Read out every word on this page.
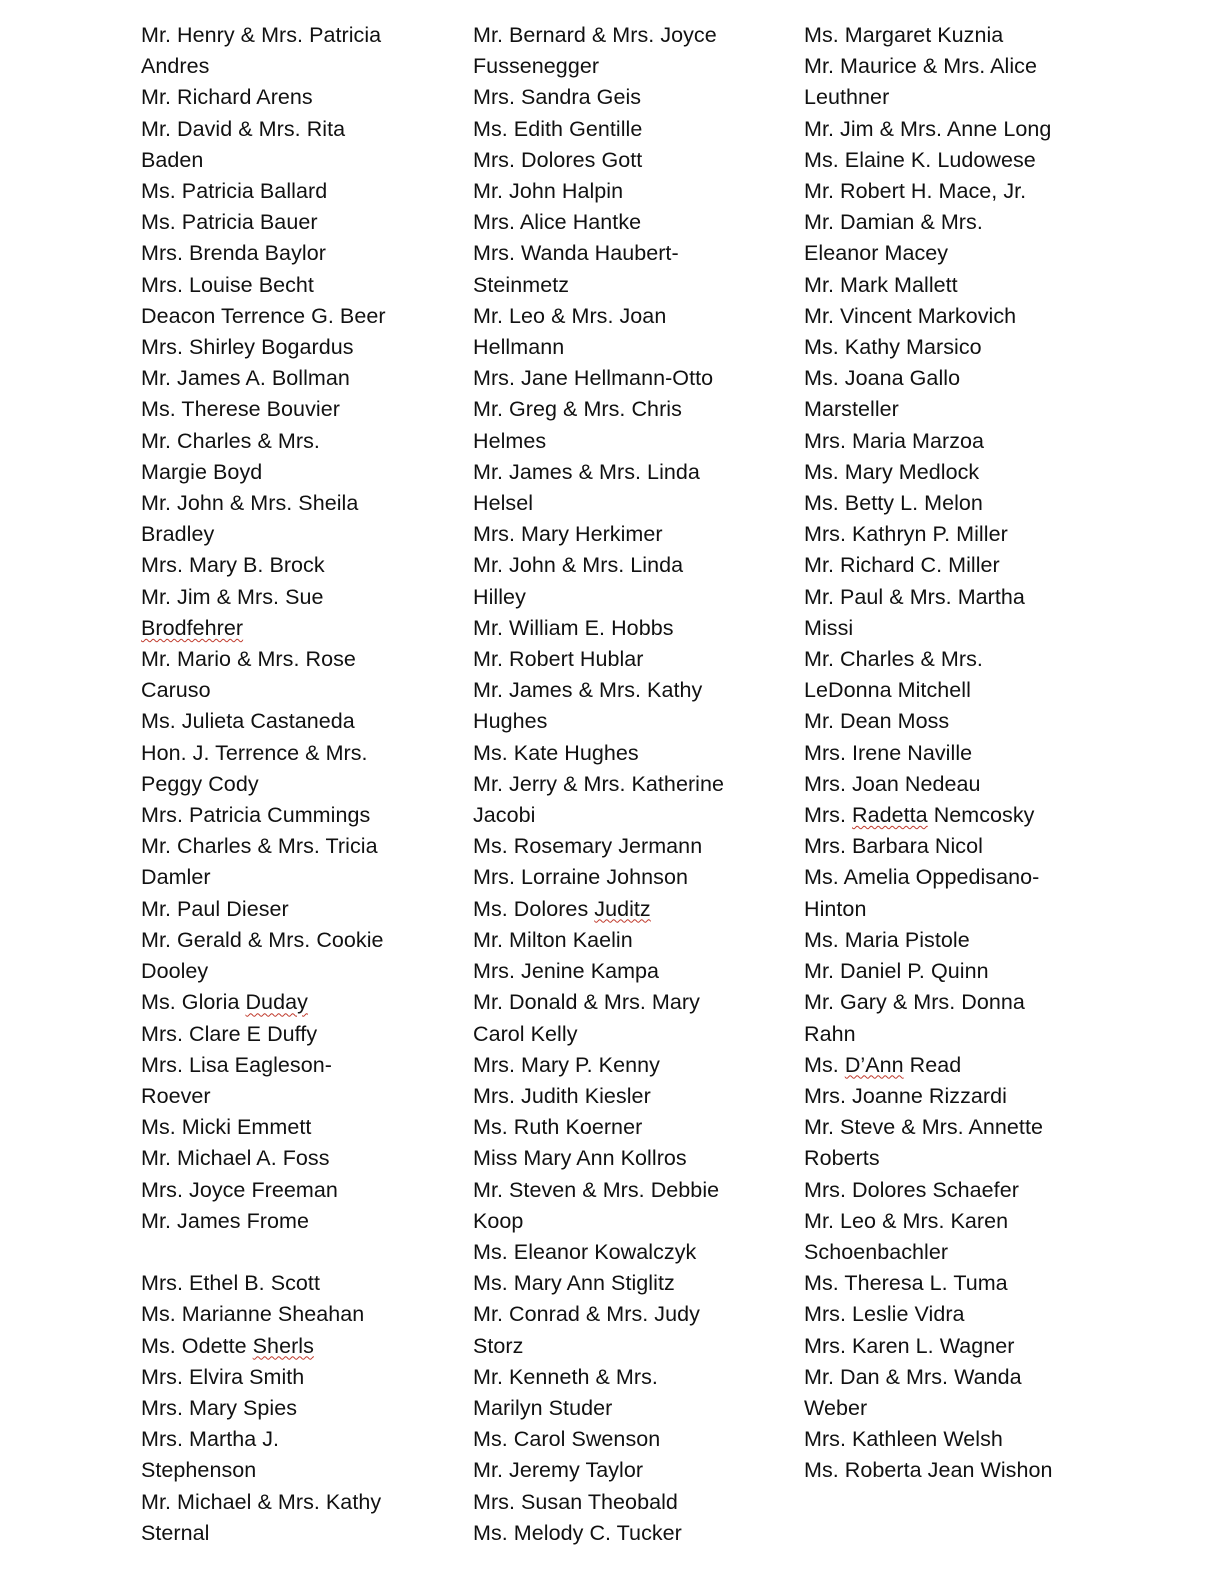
Mr. Henry & Mrs. Patricia
Andres
Mr. Richard Arens
Mr. David & Mrs. Rita
Baden
Ms. Patricia Ballard
Ms. Patricia Bauer
Mrs. Brenda Baylor
Mrs. Louise Becht
Deacon Terrence G. Beer
Mrs. Shirley Bogardus
Mr. James A. Bollman
Ms. Therese Bouvier
Mr. Charles & Mrs.
Margie Boyd
Mr. John & Mrs. Sheila
Bradley
Mrs. Mary B. Brock
Mr. Jim & Mrs. Sue
Brodfehrer
Mr. Mario & Mrs. Rose
Caruso
Ms. Julieta Castaneda
Hon. J. Terrence & Mrs.
Peggy Cody
Mrs. Patricia Cummings
Mr. Charles & Mrs. Tricia
Damler
Mr. Paul Dieser
Mr. Gerald & Mrs. Cookie
Dooley
Ms. Gloria Duday
Mrs. Clare E Duffy
Mrs. Lisa Eagleson-
Roever
Ms. Micki Emmett
Mr. Michael A. Foss
Mrs. Joyce Freeman
Mr. James Frome
Mrs. Ethel B. Scott
Ms. Marianne Sheahan
Ms. Odette Sherls
Mrs. Elvira Smith
Mrs. Mary Spies
Mrs. Martha J.
Stephenson
Mr. Michael & Mrs. Kathy
Sternal
Mr. Bernard & Mrs. Joyce
Fussenegger
Mrs. Sandra Geis
Ms. Edith Gentille
Mrs. Dolores Gott
Mr. John Halpin
Mrs. Alice Hantke
Mrs. Wanda Haubert-
Steinmetz
Mr. Leo & Mrs. Joan
Hellmann
Mrs. Jane Hellmann-Otto
Mr. Greg & Mrs. Chris
Helmes
Mr. James & Mrs. Linda
Helsel
Mrs. Mary Herkimer
Mr. John & Mrs. Linda
Hilley
Mr. William E. Hobbs
Mr. Robert Hublar
Mr. James & Mrs. Kathy
Hughes
Ms. Kate Hughes
Mr. Jerry & Mrs. Katherine
Jacobi
Ms. Rosemary Jermann
Mrs. Lorraine Johnson
Ms. Dolores Juditz
Mr. Milton Kaelin
Mrs. Jenine Kampa
Mr. Donald & Mrs. Mary
Carol Kelly
Mrs. Mary P. Kenny
Mrs. Judith Kiesler
Ms. Ruth Koerner
Miss Mary Ann Kollros
Mr. Steven & Mrs. Debbie
Koop
Ms. Eleanor Kowalczyk
Ms. Mary Ann Stiglitz
Mr. Conrad & Mrs. Judy
Storz
Mr. Kenneth & Mrs.
Marilyn Studer
Ms. Carol Swenson
Mr. Jeremy Taylor
Mrs. Susan Theobald
Ms. Melody C. Tucker
Ms. Margaret Kuznia
Mr. Maurice & Mrs. Alice
Leuthner
Mr. Jim & Mrs. Anne Long
Ms. Elaine K. Ludowese
Mr. Robert H. Mace, Jr.
Mr. Damian & Mrs.
Eleanor Macey
Mr. Mark Mallett
Mr. Vincent Markovich
Ms. Kathy Marsico
Ms. Joana Gallo
Marsteller
Mrs. Maria Marzoa
Ms. Mary Medlock
Ms. Betty L. Melon
Mrs. Kathryn P. Miller
Mr. Richard C. Miller
Mr. Paul & Mrs. Martha
Missi
Mr. Charles & Mrs.
LeDonna Mitchell
Mr. Dean Moss
Mrs. Irene Naville
Mrs. Joan Nedeau
Mrs. Radetta Nemcosky
Mrs. Barbara Nicol
Ms. Amelia Oppedisano-
Hinton
Ms. Maria Pistole
Mr. Daniel P. Quinn
Mr. Gary & Mrs. Donna
Rahn
Ms. D’Ann Read
Mrs. Joanne Rizzardi
Mr. Steve & Mrs. Annette
Roberts
Mrs. Dolores Schaefer
Mr. Leo & Mrs. Karen
Schoenbachler
Ms. Theresa L. Tuma
Mrs. Leslie Vidra
Mrs. Karen L. Wagner
Mr. Dan & Mrs. Wanda
Weber
Mrs. Kathleen Welsh
Ms. Roberta Jean Wishon
